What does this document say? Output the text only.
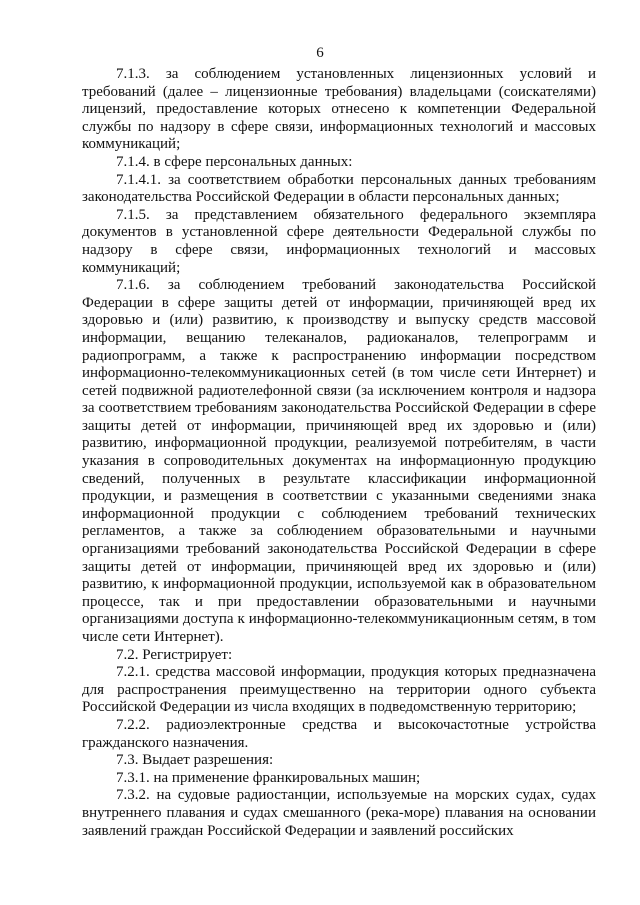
6

7.1.3. за соблюдением установленных лицензионных условий и требований (далее – лицензионные требования) владельцами (соискателями) лицензий, предоставление которых отнесено к компетенции Федеральной службы по надзору в сфере связи, информационных технологий и массовых коммуникаций;

7.1.4. в сфере персональных данных:

7.1.4.1. за соответствием обработки персональных данных требованиям законодательства Российской Федерации в области персональных данных;

7.1.5. за представлением обязательного федерального экземпляра документов в установленной сфере деятельности Федеральной службы по надзору в сфере связи, информационных технологий и массовых коммуникаций;

7.1.6. за соблюдением требований законодательства Российской Федерации в сфере защиты детей от информации, причиняющей вред их здоровью и (или) развитию, к производству и выпуску средств массовой информации, вещанию телеканалов, радиоканалов, телепрограмм и радиопрограмм, а также к распространению информации посредством информационно-телекоммуникационных сетей (в том числе сети Интернет) и сетей подвижной радиотелефонной связи (за исключением контроля и надзора за соответствием требованиям законодательства Российской Федерации в сфере защиты детей от информации, причиняющей вред их здоровью и (или) развитию, информационной продукции, реализуемой потребителям, в части указания в сопроводительных документах на информационную продукцию сведений, полученных в результате классификации информационной продукции, и размещения в соответствии с указанными сведениями знака информационной продукции с соблюдением требований технических регламентов, а также за соблюдением образовательными и научными организациями требований законодательства Российской Федерации в сфере защиты детей от информации, причиняющей вред их здоровью и (или) развитию, к информационной продукции, используемой как в образовательном процессе, так и при предоставлении образовательными и научными организациями доступа к информационно-телекоммуникационным сетям, в том числе сети Интернет).

7.2. Регистрирует:

7.2.1. средства массовой информации, продукция которых предназначена для распространения преимущественно на территории одного субъекта Российской Федерации из числа входящих в подведомственную территорию;

7.2.2. радиоэлектронные средства и высокочастотные устройства гражданского назначения.

7.3. Выдает разрешения:

7.3.1. на применение франкировальных машин;

7.3.2. на судовые радиостанции, используемые на морских судах, судах внутреннего плавания и судах смешанного (река-море) плавания на основании заявлений граждан Российской Федерации и заявлений российских
